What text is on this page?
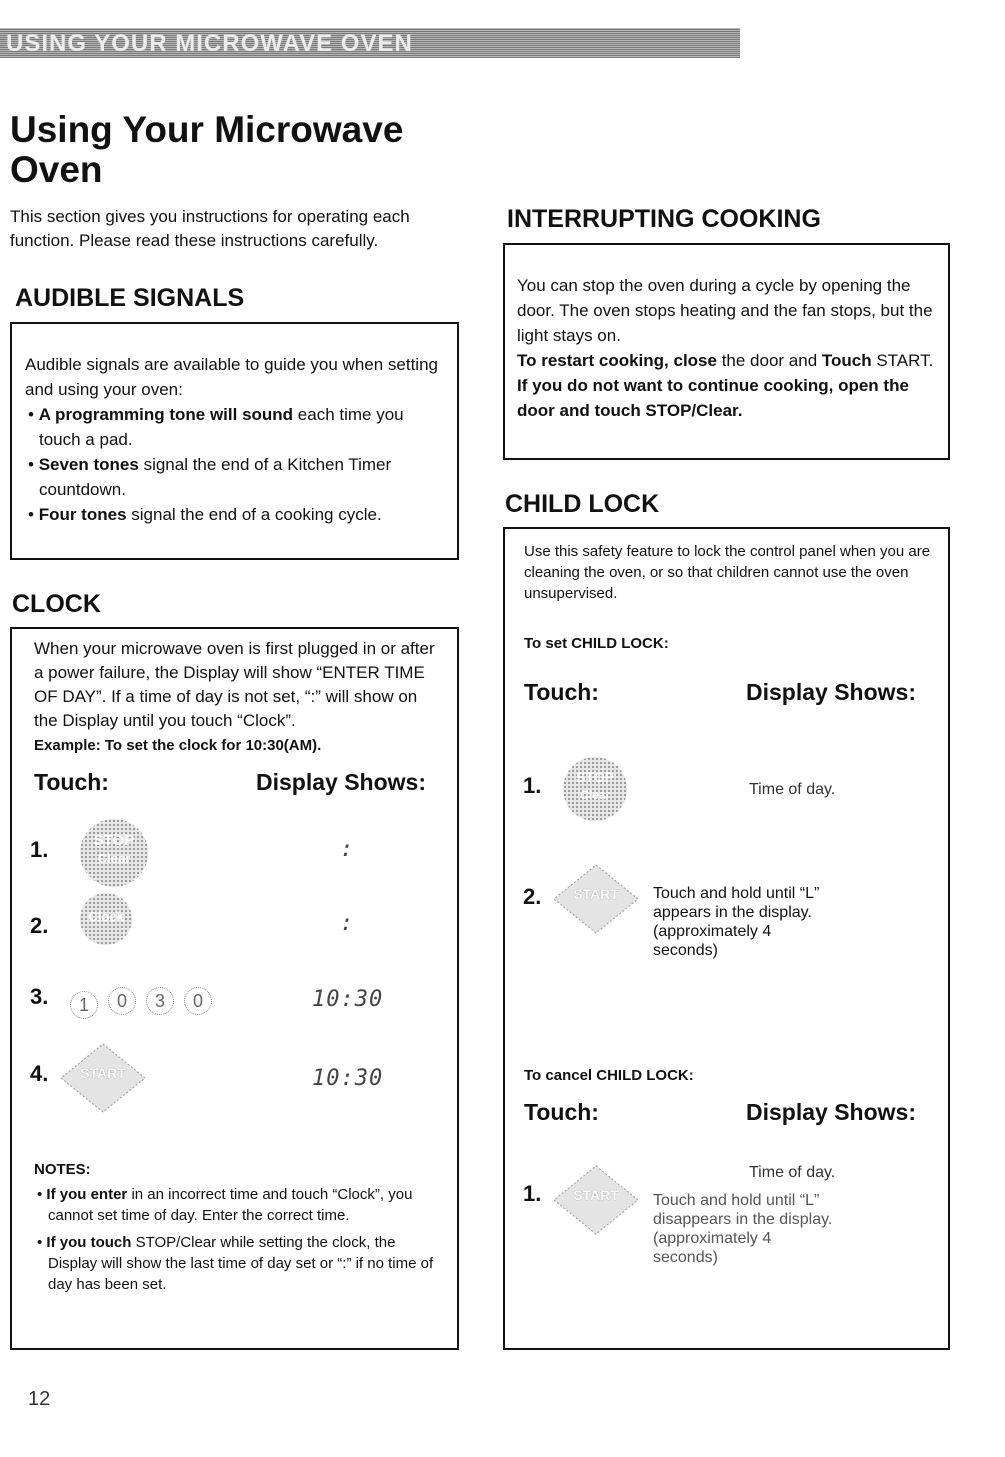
USING YOUR MICROWAVE OVEN
Using Your Microwave Oven
This section gives you instructions for operating each function. Please read these instructions carefully.
AUDIBLE SIGNALS

Audible signals are available to guide you when setting and using your oven:

• A programming tone will sound each time you touch a pad.

• Seven tones signal the end of a Kitchen Timer countdown.

• Four tones signal the end of a cooking cycle.

CLOCK
When your microwave oven is first plugged in or after a power failure, the Display will show “ENTER TIME OF DAY”. If a time of day is not set, “:” will show on the Display until you touch “Clock”.
Example: To set the clock for 10:30(AM).
Touch:	Display Shows:
1.	STOP
Clear	:
2.	Clock	:
3.	1	0	3	0	10:30
4.	START	10:30
NOTES:
• If you enter in an incorrect time and touch “Clock”, you cannot set time of day. Enter the correct time.
• If you touch STOP/Clear while setting the clock, the Display will show the last time of day set or “:” if no time of day has been set.
INTERRUPTING COOKING

You can stop the oven during a cycle by opening the door. The oven stops heating and the fan stops, but the light stays on.

To restart cooking, close the door and Touch START.

If you do not want to continue cooking, open the door and touch STOP/Clear.

CHILD LOCK
Use this safety feature to lock the control panel when you are cleaning the oven, or so that children cannot use the oven unsupervised.
To set CHILD LOCK:
Touch:	Display Shows:
1.	STOP
Clear	Time of day.
2.	START	Touch and hold until “L” appears in the display. (approximately 4 seconds)
To cancel CHILD LOCK:
Touch:	Display Shows:
1.	START
Time of day.
Touch and hold until “L” disappears in the display. (approximately 4 seconds)
12
